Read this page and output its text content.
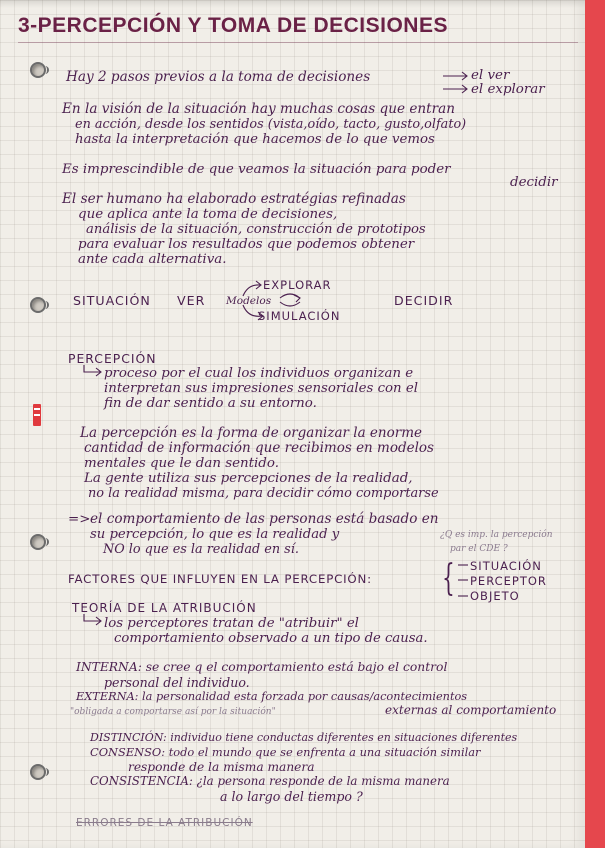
3-PERCEPCIÓN Y TOMA DE DECISIONES
Hay 2 pasos previos a la toma de decisiones	el ver
el explorar
En la visión de la situación hay muchas cosas que entran
en acción, desde los sentidos (vista,oído, tacto, gusto,olfato)
hasta la interpretación que hacemos de lo que vemos
Es imprescindible de que veamos la situación para poder
decidir
El ser humano ha elaborado estratégias refinadas
que aplica ante la toma de decisiones,
análisis de la situación, construcción de prototipos
para evaluar los resultados que podemos obtener
ante cada alternativa.
SITUACIÓN VER
EXPLORAR
Modelos
SIMULACIÓN
DECIDIR
PERCEPCIÓN
proceso por el cual los individuos organizan e
interpretan sus impresiones sensoriales con el
fin de dar sentido a su entorno.
La percepción es la forma de organizar la enorme
cantidad de información que recibimos en modelos
mentales que le dan sentido.
La gente utiliza sus percepciones de la realidad,
no la realidad misma, para decidir cómo comportarse
=> el comportamiento de las personas está basado en
su percepción, lo que es la realidad y
NO lo que es la realidad en sí.
¿Q es imp. la percepción
par el CDE ?
FACTORES QUE INFLUYEN EN LA PERCEPCIÓN: { SITUACIÓN
PERCEPTOR
OBJETO
TEORÍA DE LA ATRIBUCIÓN
los perceptores tratan de "atribuir" el
comportamiento observado a un tipo de causa.
INTERNA: se cree q el comportamiento está bajo el control
personal del individuo.
EXTERNA: la personalidad esta forzada por causas/acontecimientos
"obligada a comportarse así por la situación"	externas al comportamiento
DISTINCIÓN: individuo tiene conductas diferentes en situaciones diferentes
CONSENSO: todo el mundo que se enfrenta a una situación similar
responde de la misma manera
CONSISTENCIA: ¿la persona responde de la misma manera
a lo largo del tiempo ?
ERRORES DE LA ATRIBUCIÓN
